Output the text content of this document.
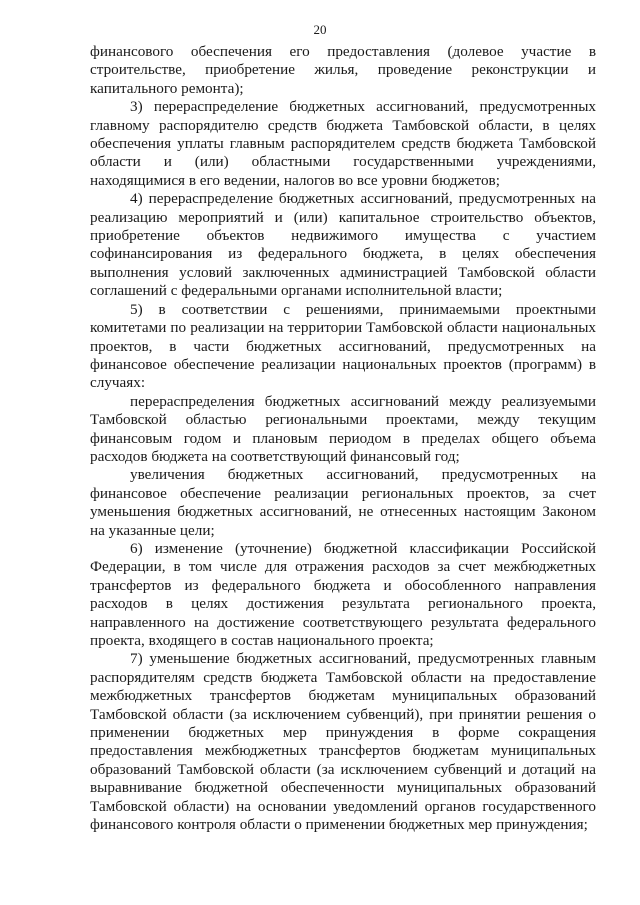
20

финансового обеспечения его предоставления (долевое участие в строительстве, приобретение жилья, проведение реконструкции и капитального ремонта);

3) перераспределение бюджетных ассигнований, предусмотренных главному распорядителю средств бюджета Тамбовской области, в целях обеспечения уплаты главным распорядителем средств бюджета Тамбовской области и (или) областными государственными учреждениями, находящимися в его ведении, налогов во все уровни бюджетов;

4) перераспределение бюджетных ассигнований, предусмотренных на реализацию мероприятий и (или) капитальное строительство объектов, приобретение объектов недвижимого имущества с участием софинансирования из федерального бюджета, в целях обеспечения выполнения условий заключенных администрацией Тамбовской области соглашений с федеральными органами исполнительной власти;

5) в соответствии с решениями, принимаемыми проектными комитетами по реализации на территории Тамбовской области национальных проектов, в части бюджетных ассигнований, предусмотренных на финансовое обеспечение реализации национальных проектов (программ) в случаях:

перераспределения бюджетных ассигнований между реализуемыми Тамбовской областью региональными проектами, между текущим финансовым годом и плановым периодом в пределах общего объема расходов бюджета на соответствующий финансовый год;

увеличения бюджетных ассигнований, предусмотренных на финансовое обеспечение реализации региональных проектов, за счет уменьшения бюджетных ассигнований, не отнесенных настоящим Законом на указанные цели;

6) изменение (уточнение) бюджетной классификации Российской Федерации, в том числе для отражения расходов за счет межбюджетных трансфертов из федерального бюджета и обособленного направления расходов в целях достижения результата регионального проекта, направленного на достижение соответствующего результата федерального проекта, входящего в состав национального проекта;

7) уменьшение бюджетных ассигнований, предусмотренных главным распорядителям средств бюджета Тамбовской области на предоставление межбюджетных трансфертов бюджетам муниципальных образований Тамбовской области (за исключением субвенций), при принятии решения о применении бюджетных мер принуждения в форме сокращения предоставления межбюджетных трансфертов бюджетам муниципальных образований Тамбовской области (за исключением субвенций и дотаций на выравнивание бюджетной обеспеченности муниципальных образований Тамбовской области) на основании уведомлений органов государственного финансового контроля области о применении бюджетных мер принуждения;
